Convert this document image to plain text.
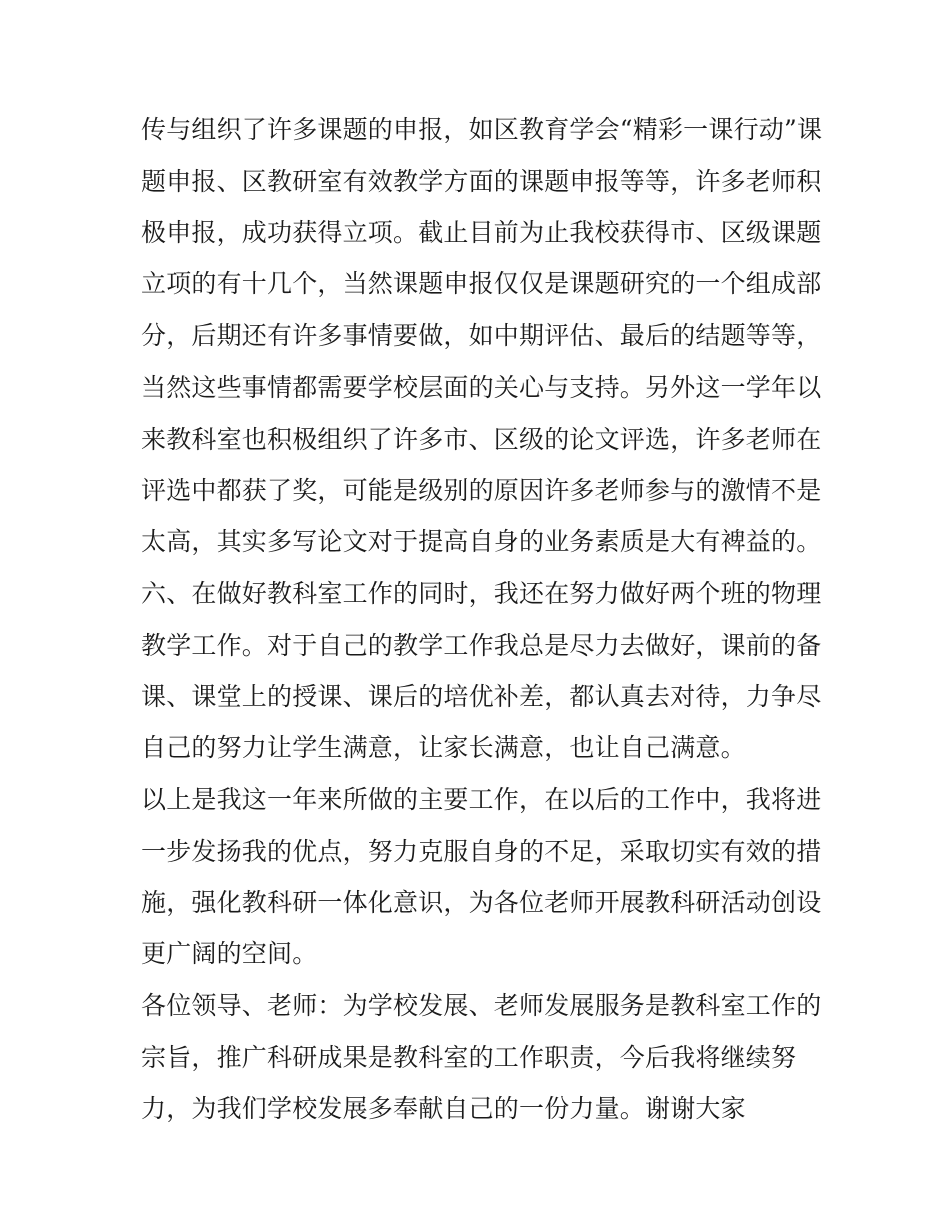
传与组织了许多课题的申报，如区教育学会“精彩一课行动”课
题申报、区教研室有效教学方面的课题申报等等，许多老师积
极申报，成功获得立项。截止目前为止我校获得市、区级课题
立项的有十几个，当然课题申报仅仅是课题研究的一个组成部
分，后期还有许多事情要做，如中期评估、最后的结题等等，
当然这些事情都需要学校层面的关心与支持。另外这一学年以
来教科室也积极组织了许多市、区级的论文评选，许多老师在
评选中都获了奖，可能是级别的原因许多老师参与的激情不是
太高，其实多写论文对于提高自身的业务素质是大有裨益的。
六、在做好教科室工作的同时，我还在努力做好两个班的物理
教学工作。对于自己的教学工作我总是尽力去做好，课前的备
课、课堂上的授课、课后的培优补差，都认真去对待，力争尽
自己的努力让学生满意，让家长满意，也让自己满意。
以上是我这一年来所做的主要工作，在以后的工作中，我将进
一步发扬我的优点，努力克服自身的不足，采取切实有效的措
施，强化教科研一体化意识，为各位老师开展教科研活动创设
更广阔的空间。
各位领导、老师：为学校发展、老师发展服务是教科室工作的
宗旨，推广科研成果是教科室的工作职责，今后我将继续努
力，为我们学校发展多奉献自己的一份力量。谢谢大家
